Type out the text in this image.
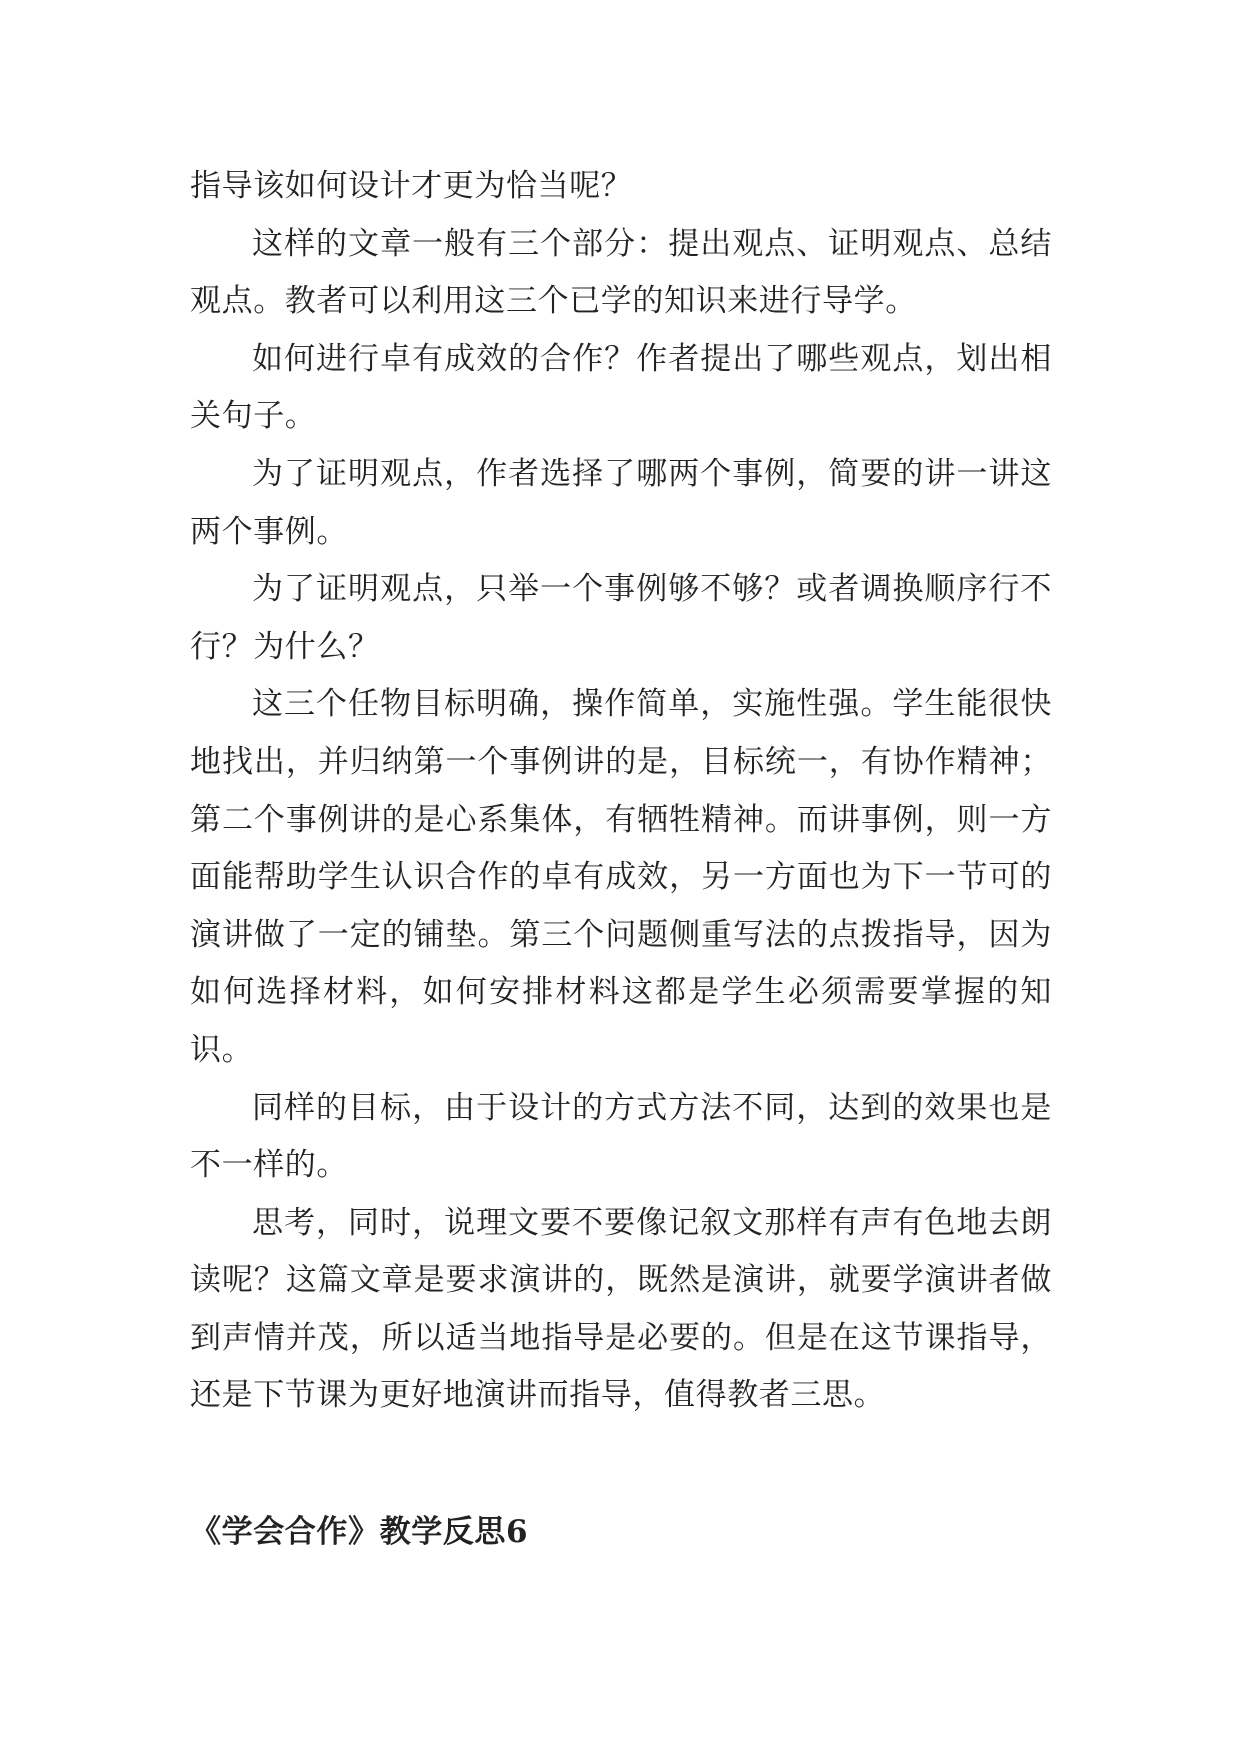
指导该如何设计才更为恰当呢？

这样的文章一般有三个部分：提出观点、证明观点、总结观点。教者可以利用这三个已学的知识来进行导学。

如何进行卓有成效的合作？作者提出了哪些观点，划出相关句子。

为了证明观点，作者选择了哪两个事例，简要的讲一讲这两个事例。

为了证明观点，只举一个事例够不够？或者调换顺序行不行？为什么？

这三个任物目标明确，操作简单，实施性强。学生能很快地找出，并归纳第一个事例讲的是，目标统一，有协作精神；第二个事例讲的是心系集体，有牺牲精神。而讲事例，则一方面能帮助学生认识合作的卓有成效，另一方面也为下一节可的演讲做了一定的铺垫。第三个问题侧重写法的点拨指导，因为如何选择材料，如何安排材料这都是学生必须需要掌握的知识。

同样的目标，由于设计的方式方法不同，达到的效果也是不一样的。

思考，同时，说理文要不要像记叙文那样有声有色地去朗读呢？这篇文章是要求演讲的，既然是演讲，就要学演讲者做到声情并茂，所以适当地指导是必要的。但是在这节课指导，还是下节课为更好地演讲而指导，值得教者三思。

《学会合作》教学反思6
